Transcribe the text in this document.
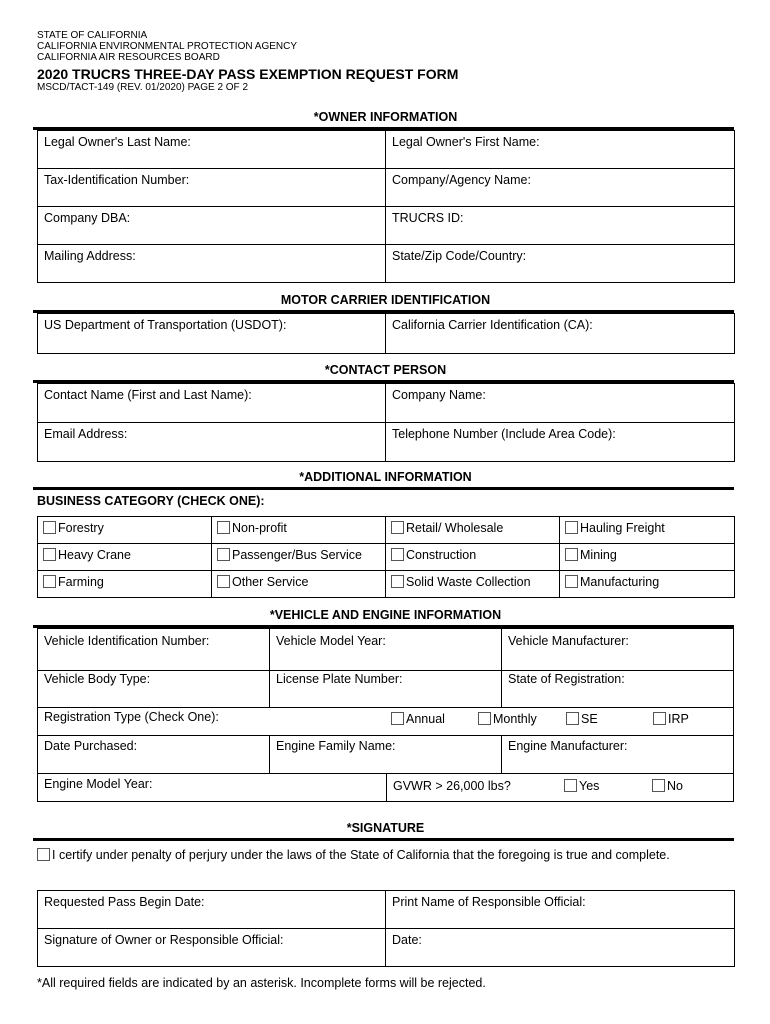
STATE OF CALIFORNIA
CALIFORNIA ENVIRONMENTAL PROTECTION AGENCY
CALIFORNIA AIR RESOURCES BOARD
2020 TRUCRS THREE-DAY PASS EXEMPTION REQUEST FORM
MSCD/TACT-149 (REV. 01/2020) PAGE 2 OF 2
*OWNER INFORMATION
Legal Owner's Last Name:	Legal Owner's First Name:
Tax-Identification Number:	Company/Agency Name:
Company DBA:	TRUCRS ID:
Mailing Address:	State/Zip Code/Country:
MOTOR CARRIER IDENTIFICATION
US Department of Transportation (USDOT):	California Carrier Identification (CA):
*CONTACT PERSON
Contact Name (First and Last Name):	Company Name:
Email Address:	Telephone Number (Include Area Code):
*ADDITIONAL INFORMATION
BUSINESS CATEGORY (CHECK ONE):
Forestry	Non-profit	Retail/ Wholesale	Hauling Freight
Heavy Crane	Passenger/Bus Service	Construction	Mining
Farming	Other Service	Solid Waste Collection	Manufacturing
*VEHICLE AND ENGINE INFORMATION
Vehicle Identification Number:	Vehicle Model Year:	Vehicle Manufacturer:
Vehicle Body Type:	License Plate Number:	State of Registration:
Registration Type (Check One):	Annual	Monthly	SE	IRP
Date Purchased:	Engine Family Name:	Engine Manufacturer:
Engine Model Year:	GVWR > 26,000 lbs?	Yes	No
*SIGNATURE
I certify under penalty of perjury under the laws of the State of California that the foregoing is true and complete.
Requested Pass Begin Date:	Print Name of Responsible Official:
Signature of Owner or Responsible Official:	Date:
*All required fields are indicated by an asterisk. Incomplete forms will be rejected.
